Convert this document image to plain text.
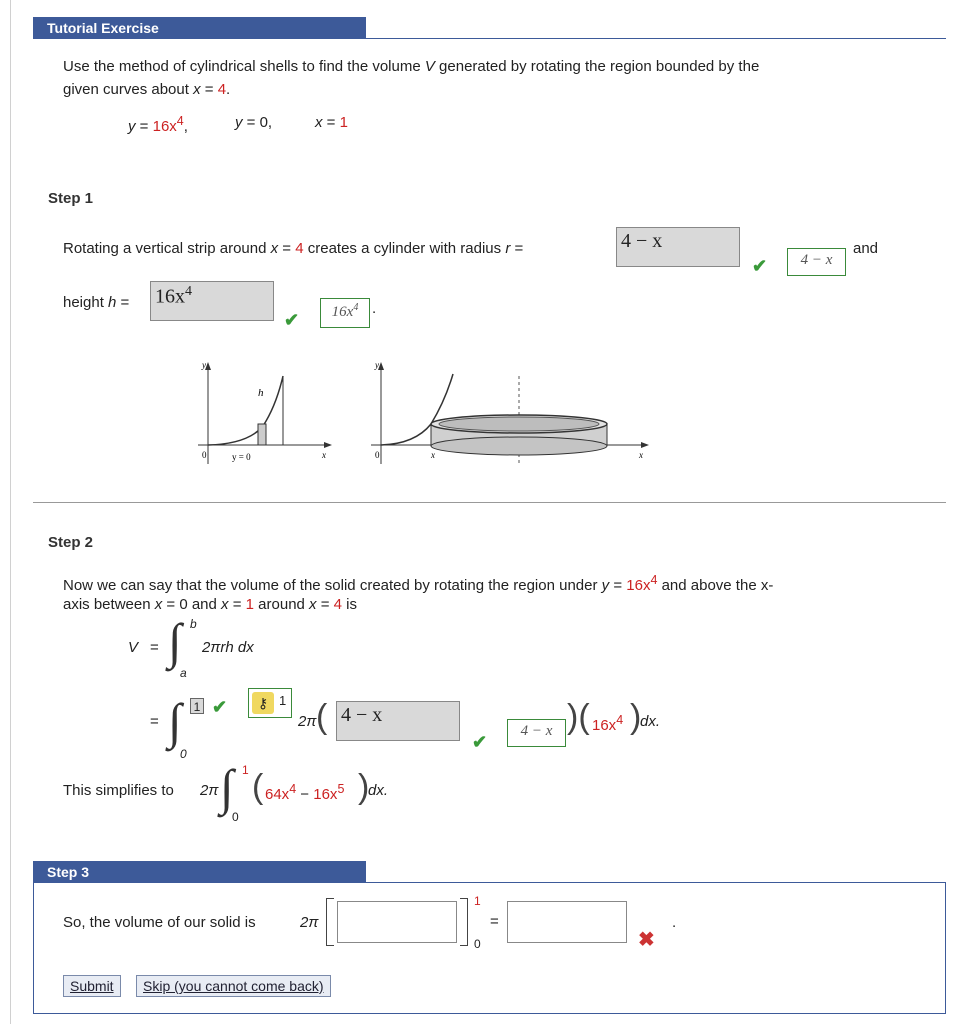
Tutorial Exercise
Use the method of cylindrical shells to find the volume V generated by rotating the region bounded by the
given curves about x = 4.
$y = 16x^4$,	y = 0,	x = 1
Step 1
Rotating a vertical strip around x = 4 creates a cylinder with radius r =	4 − x
✔	4 − x
and
height $h = 16x^4$
✔	$16x^4$ .
y
h
0	y = 0	x
y
0	x	x
Step 2
Now we can say that the volume of the solid created by rotating the region under $y = 16x^4$ and above the x-
axis between x = 0 and x = 1 around x = 4 is
V = ∫ b
a
2πrh dx
= ∫ 1 ✔	⚷ 1
0
2π ( 4 − x
✔
4 − x )( $16x^4$ )
dx.
This simplifies to 2π ∫ 1
0
( $64x^4 - 16x^5$ )
dx.
Step 3
So, the volume of our solid is	2π
1
0
=
✖
.
Submit	Skip (you cannot come back)
